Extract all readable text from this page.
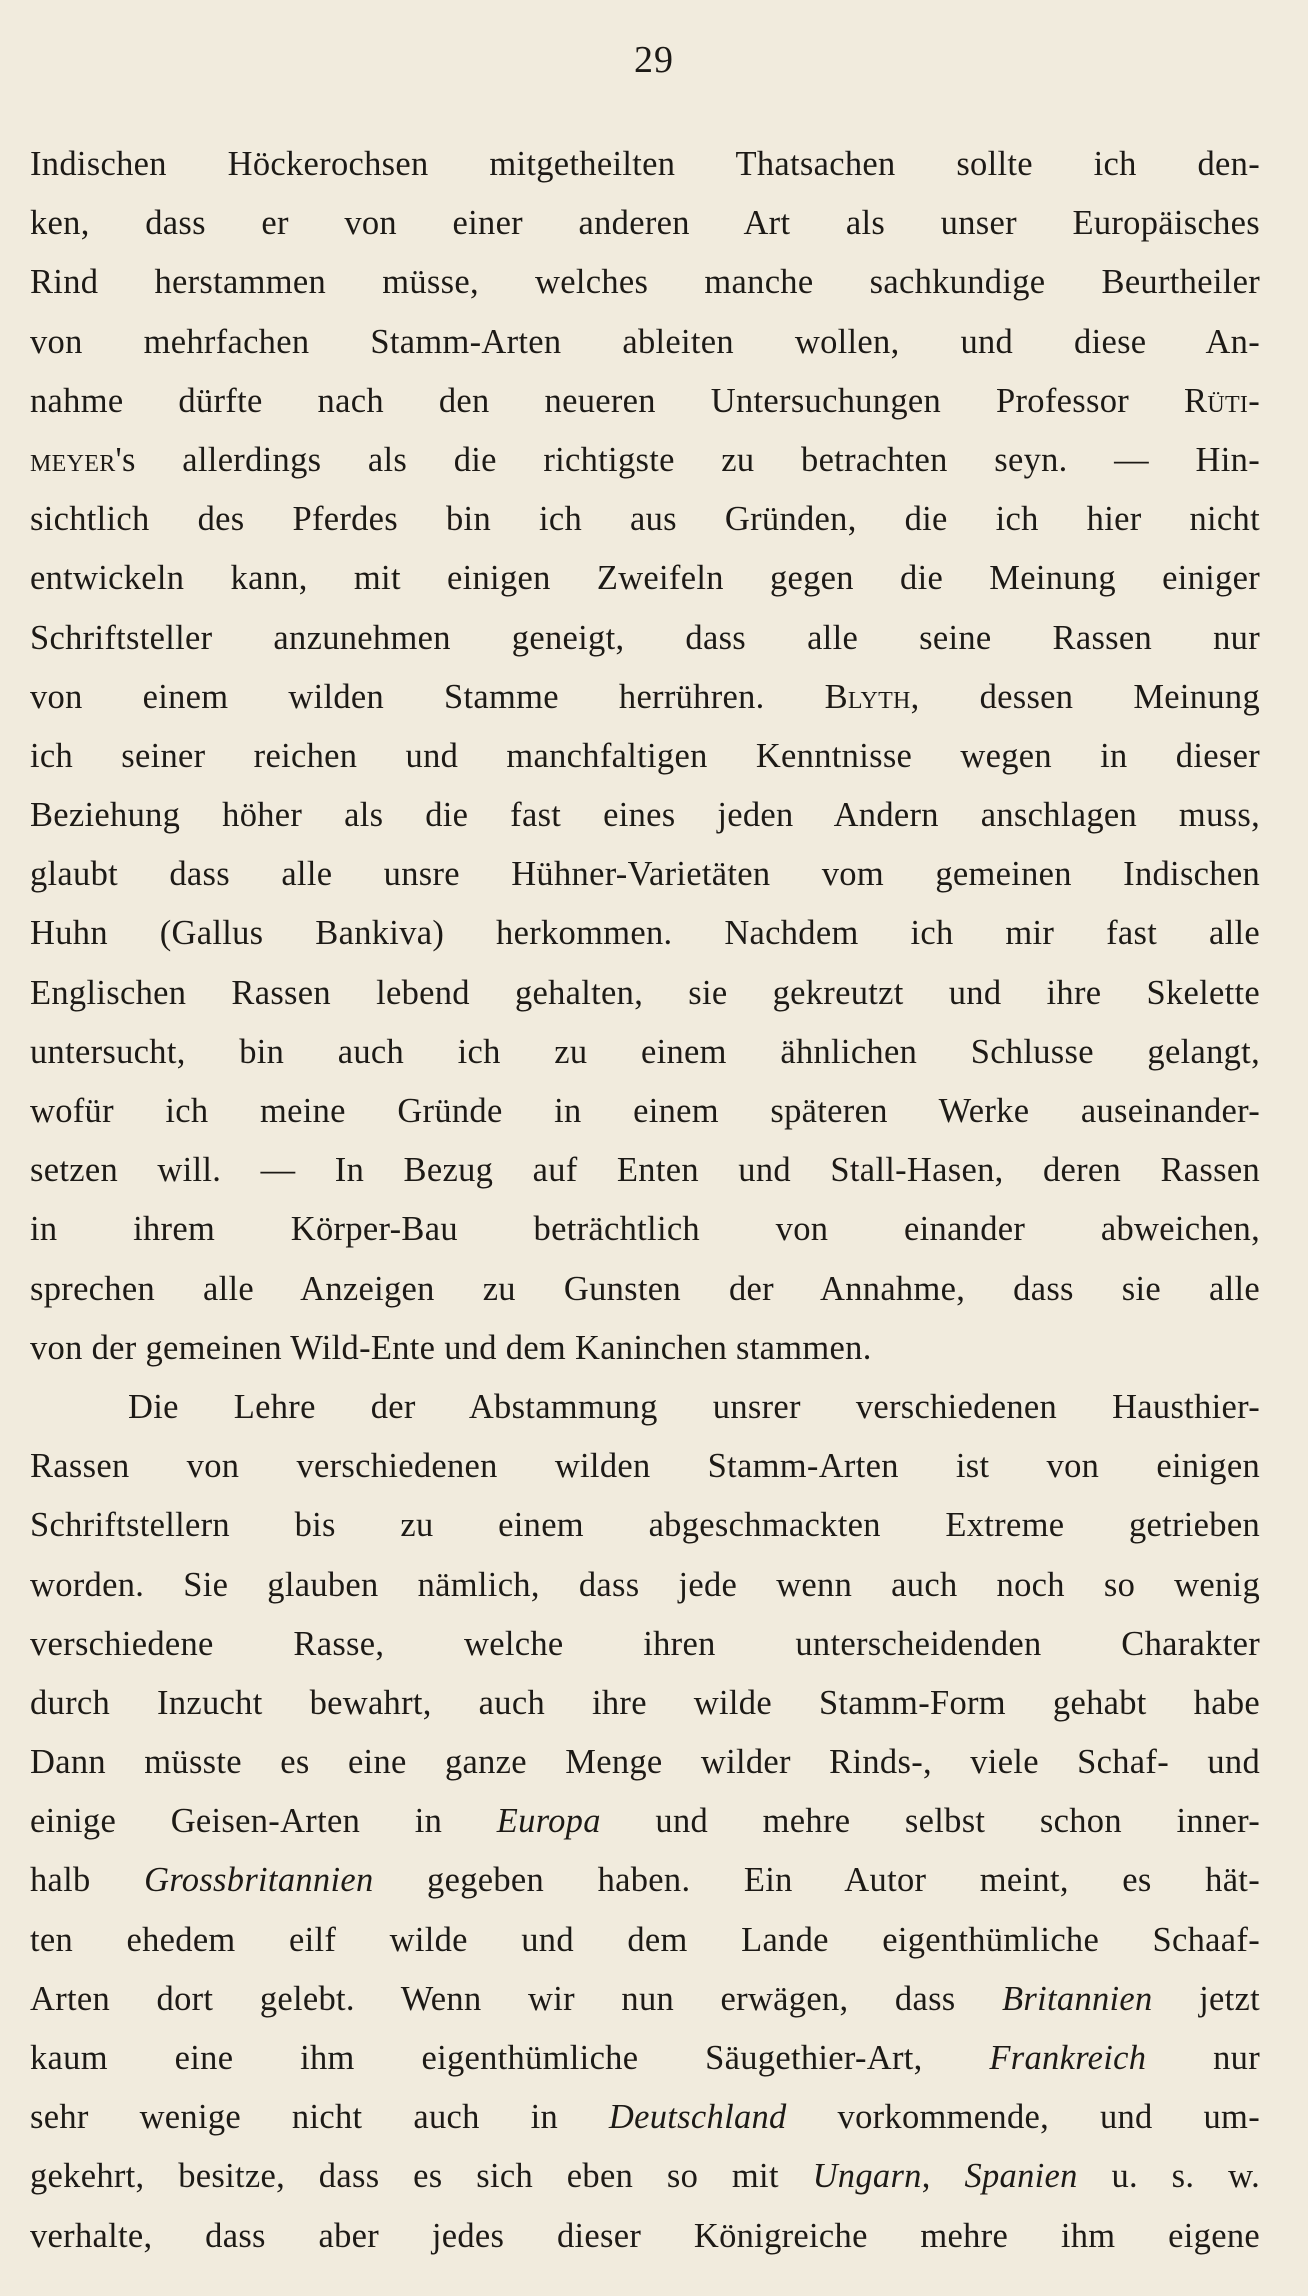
29
Indischen Höckerochsen mitgetheilten Thatsachen sollte ich den-
ken, dass er von einer anderen Art als unser Europäisches
Rind herstammen müsse, welches manche sachkundige Beurtheiler
von mehrfachen Stamm-Arten ableiten wollen, und diese An-
nahme dürfte nach den neueren Untersuchungen Professor Rüti-
meyer's allerdings als die richtigste zu betrachten seyn. — Hin-
sichtlich des Pferdes bin ich aus Gründen, die ich hier nicht
entwickeln kann, mit einigen Zweifeln gegen die Meinung einiger
Schriftsteller anzunehmen geneigt, dass alle seine Rassen nur
von einem wilden Stamme herrühren. Blyth, dessen Meinung
ich seiner reichen und manchfaltigen Kenntnisse wegen in dieser
Beziehung höher als die fast eines jeden Andern anschlagen muss,
glaubt dass alle unsre Hühner-Varietäten vom gemeinen Indischen
Huhn (Gallus Bankiva) herkommen. Nachdem ich mir fast alle
Englischen Rassen lebend gehalten, sie gekreutzt und ihre Skelette
untersucht, bin auch ich zu einem ähnlichen Schlusse gelangt,
wofür ich meine Gründe in einem späteren Werke auseinander-
setzen will. — In Bezug auf Enten und Stall-Hasen, deren Rassen
in ihrem Körper-Bau beträchtlich von einander abweichen,
sprechen alle Anzeigen zu Gunsten der Annahme, dass sie alle
von der gemeinen Wild-Ente und dem Kaninchen stammen.
Die Lehre der Abstammung unsrer verschiedenen Hausthier-
Rassen von verschiedenen wilden Stamm-Arten ist von einigen
Schriftstellern bis zu einem abgeschmackten Extreme getrieben
worden. Sie glauben nämlich, dass jede wenn auch noch so wenig
verschiedene Rasse, welche ihren unterscheidenden Charakter
durch Inzucht bewahrt, auch ihre wilde Stamm-Form gehabt habe
Dann müsste es eine ganze Menge wilder Rinds-, viele Schaf- und
einige Geisen-Arten in Europa und mehre selbst schon inner-
halb Grossbritannien gegeben haben. Ein Autor meint, es hät-
ten ehedem eilf wilde und dem Lande eigenthümliche Schaaf-
Arten dort gelebt. Wenn wir nun erwägen, dass Britannien jetzt
kaum eine ihm eigenthümliche Säugethier-Art, Frankreich nur
sehr wenige nicht auch in Deutschland vorkommende, und um-
gekehrt, besitze, dass es sich eben so mit Ungarn, Spanien u. s. w.
verhalte, dass aber jedes dieser Königreiche mehre ihm eigene
